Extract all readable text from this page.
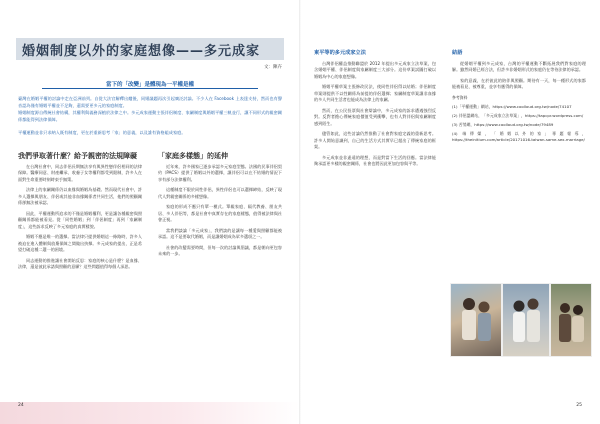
婚姻制度以外的家庭想像——多元成家
文：陳卉
當下的「改變」是體現為一平權是權
臺灣在婚姻平權的討論中走在亞洲前列。自從大法官解釋出爐後，同婚議題再次引起廣泛討論。不少人在 Facebook 上表達支持，然而也有聲音認為僅有婚姻平權並不足夠，還需要更多元的家庭制度。
婚姻制度源自傳統社會結構，其權利與義務深植於法律之中。多元成家運動主張伴侶制度、家屬制度與婚姻平權三軌並行，讓不同形式的親密關係都能得到法律保障。
平權運動並非只求納入既有制度，更在於重新思考「家」的意義，以及誰有資格組成家庭。

我們爭取著什麼？給予親密的法規障礙

在台灣社會中，同志伴侶長期無法享有與異性戀伴侶相同的法律保障。醫療同意、財產繼承、收養子女等權利都受到限制，許多人在面對生命重要時刻時束手無策。

法律上的家屬關係仍以血緣與婚姻為基礎。然而現代社會中，許多人選擇與朋友、伴侶或其他非血緣關係者共同生活，他們的照顧關係卻無法被承認。

因此，平權運動所追求的不僅是婚姻權利，更是讓各種親密與照顧關係都能被看見。從「同性婚姻」到「伴侶制度」再到「家屬制度」，這些訴求反映了多元家庭的真實樣貌。

婚姻不應是唯一的選擇。當法律只提供婚姻這一條路時，許多人被迫在進入體制與放棄保障之間做出抉擇。多元成家的提出，正是希望打破這種二選一的困境。

同志運動的推進讓社會開始反思：家庭的核心是什麼？是血緣、法律，還是彼此承諾與照顧的意願？這些問題值得每個人深思。

「家庭多樣態」的延伸

近年來，許多國家已逐步承認多元家庭型態。法國的民事伴侶契約（PACS）提供了婚姻以外的選擇，讓伴侶可以在不結婚的情況下享有部分法律權利。

這種制度不限於同性伴侶，異性伴侶也可以選擇締結，反映了現代人對親密關係的多樣想像。

家庭的形成不應只有單一模式。單親家庭、隔代教養、朋友共居、多人伴侶等，都是社會中真實存在的家庭樣態，值得被法律與社會正視。

當我們談論「多元成家」，我們談的是讓每一種愛與照顧都能被承認。這不是要取代婚姻，而是讓婚姻成為眾多選項之一。

社會的改變需要時間，但每一次的討論與倡議，都是朝向更包容未來的一步。

24

東平等的多元成家立法

台灣伴侶權益推動聯盟於 2012 年提出多元成家立法草案，包含婚姻平權、伴侶制度與家屬制度三大部分。這份草案試圖打破以婚姻為中心的家庭想像。

婚姻平權草案主張修改民法，使同性伴侶得以結婚；伴侶制度草案則提供不以性關係為前提的伴侶選擇；家屬制度草案讓非血緣的多人共同生活者也能成為法律上的家屬。

然而，在公民投票與社會辯論中，多元成家的訴求遭遇強烈反對。反對者擔心傳統家庭價值受到衝擊，也有人對伴侶與家屬制度感到陌生。

儘管如此，這些討論仍然推動了社會對家庭定義的重新思考。許多人開始意識到，自己的生活方式其實早已超出了傳統家庭的框架。

多元成家並非遙遠的理想，而是對當下生活的回應。當法律能夠承認更多樣的親密關係，社會也將因此更加包容與平等。

結語

從婚姻平權到多元成家，台灣的平權運動不斷拓展我們對家庭的理解。雖然同婚已經合法，但許多非婚姻形式的家庭仍在等待法律的承認。

家的意義，在於彼此的陪伴與照顧。期待有一天，每一種形式的家都能被看見、被尊重，並享有應得的保障。

參考資料
(1)「平權運動」網站，https://www.coolloud.org.tw/node/74107
(2) 伴侶盟網站，「多元成家立法草案」，https://tapcpr.wordpress.com/
(3) 苦勞網，https://www.coolloud.org.tw/node/79489
(4) 端傳媒，「婚姻以外的家」專題報導，https://theinitium.com/article/20171016-taiwan-same-sex-marriage/
25
